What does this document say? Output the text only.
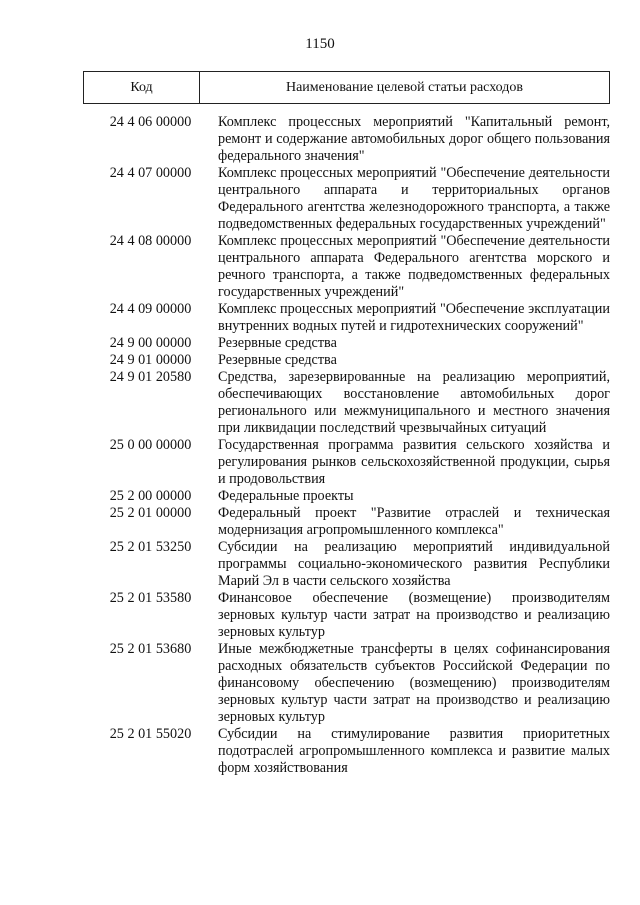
1150
Код	Наименование целевой статьи расходов
24 4 06 00000	Комплекс процессных мероприятий "Капитальный ремонт, ремонт и содержание автомобильных дорог общего пользования федерального значения"
24 4 07 00000	Комплекс процессных мероприятий "Обеспечение деятельности центрального аппарата и территориальных органов Федерального агентства железнодорожного транспорта, а также подведомственных федеральных государственных учреждений"
24 4 08 00000	Комплекс процессных мероприятий "Обеспечение деятельности центрального аппарата Федерального агентства морского и речного транспорта, а также подведомственных федеральных государственных учреждений"
24 4 09 00000	Комплекс процессных мероприятий "Обеспечение эксплуатации внутренних водных путей и гидротехнических сооружений"
24 9 00 00000	Резервные средства
24 9 01 00000	Резервные средства
24 9 01 20580	Средства, зарезервированные на реализацию мероприятий, обеспечивающих восстановление автомобильных дорог регионального или межмуниципального и местного значения при ликвидации последствий чрезвычайных ситуаций
25 0 00 00000	Государственная программа развития сельского хозяйства и регулирования рынков сельскохозяйственной продукции, сырья и продовольствия
25 2 00 00000	Федеральные проекты
25 2 01 00000	Федеральный проект "Развитие отраслей и техническая модернизация агропромышленного комплекса"
25 2 01 53250	Субсидии на реализацию мероприятий индивидуальной программы социально-экономического развития Республики Марий Эл в части сельского хозяйства
25 2 01 53580	Финансовое обеспечение (возмещение) производителям зерновых культур части затрат на производство и реализацию зерновых культур
25 2 01 53680	Иные межбюджетные трансферты в целях софинансирования расходных обязательств субъектов Российской Федерации по финансовому обеспечению (возмещению) производителям зерновых культур части затрат на производство и реализацию зерновых культур
25 2 01 55020	Субсидии на стимулирование развития приоритетных подотраслей агропромышленного комплекса и развитие малых форм хозяйствования
